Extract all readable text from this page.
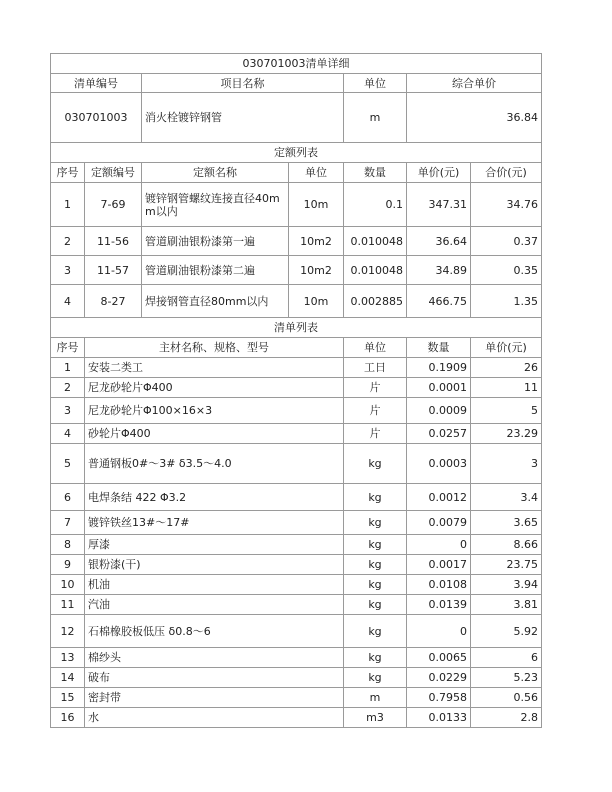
030701003清单详细							
清单编号		项目名称		单位	综合单价		
030701003		消火栓镀锌钢管		m	36.84		
定额列表							
序号	定额编号	定额名称	单位	数量	单价(元)	合价(元)	
1	7-69	镀锌钢管螺纹连接直径40mm以内	10m	0.1	347.31	34.76	
2	11-56	管道刷油银粉漆第一遍	10m2	0.010048	36.64	0.37	
3	11-57	管道刷油银粉漆第二遍	10m2	0.010048	34.89	0.35	
4	8-27	焊接钢管直径80mm以内	10m	0.002885	466.75	1.35	
清单列表							
序号	主材名称、规格、型号			单位	数量	单价(元)	
1	安装二类工			工日	0.1909	26	
2	尼龙砂轮片Φ400			片	0.0001	11	
3	尼龙砂轮片Φ100×16×3			片	0.0009	5	
4	砂轮片Φ400			片	0.0257	23.29	
5	普通钢板0#～3# δ3.5～4.0			kg	0.0003	3	
6	电焊条结 422 Φ3.2			kg	0.0012	3.4	
7	镀锌铁丝13#～17#			kg	0.0079	3.65	
8	厚漆			kg	0	8.66	
9	银粉漆(干)			kg	0.0017	23.75	
10	机油			kg	0.0108	3.94	
11	汽油			kg	0.0139	3.81	
12	石棉橡胶板低压 δ0.8～6			kg	0	5.92	
13	棉纱头			kg	0.0065	6	
14	破布			kg	0.0229	5.23	
15	密封带			m	0.7958	0.56	
16	水			m3	0.0133	2.8	
